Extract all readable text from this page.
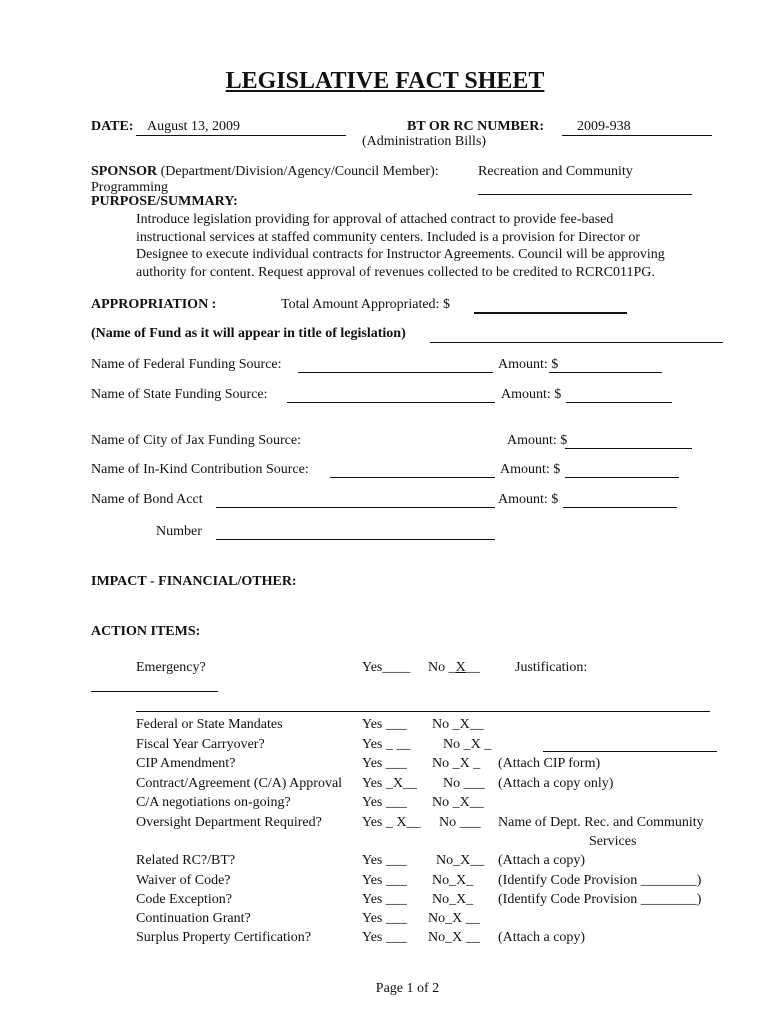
LEGISLATIVE FACT SHEET
DATE: August 13, 2009	BT OR RC NUMBER: 2009-938
(Administration Bills)
SPONSOR (Department/Division/Agency/Council Member):	Recreation and Community
Programming
PURPOSE/SUMMARY:
Introduce legislation providing for approval of attached contract to provide fee-based
instructional services at staffed community centers. Included is a provision for Director or
Designee to execute individual contracts for Instructor Agreements. Council will be approving
authority for content. Request approval of revenues collected to be credited to RCRC011PG.
APPROPRIATION :	Total Amount Appropriated: $
(Name of Fund as it will appear in title of legislation)
Name of Federal Funding Source:	Amount: $
Name of State Funding Source:	Amount: $
Name of City of Jax Funding Source:	Amount: $
Name of In-Kind Contribution Source:	Amount: $
Name of Bond Acct	Amount: $
Number
IMPACT - FINANCIAL/OTHER:
ACTION ITEMS:
Emergency?	Yes____ No _X__	Justification:
Federal or State Mandates	Yes ___ No _X__
Fiscal Year Carryover?	Yes _ __ No _X _
CIP Amendment?	Yes ___ No _X _ (Attach CIP form)
Contract/Agreement (C/A) Approval Yes _X__ No ___ (Attach a copy only)
C/A negotiations on-going?	Yes ___ No _X__
Oversight Department Required?	Yes _ X__ No ___ Name of Dept. Rec. and Community
Services
Related RC?/BT?	Yes ___ No_X__ (Attach a copy)
Waiver of Code?	Yes ___ No_X_ (Identify Code Provision ________)
Code Exception?	Yes ___ No_X_ (Identify Code Provision ________)
Continuation Grant?	Yes ___ No_X __
Surplus Property Certification?	Yes ___ No_X __ (Attach a copy)
Page 1 of 2
